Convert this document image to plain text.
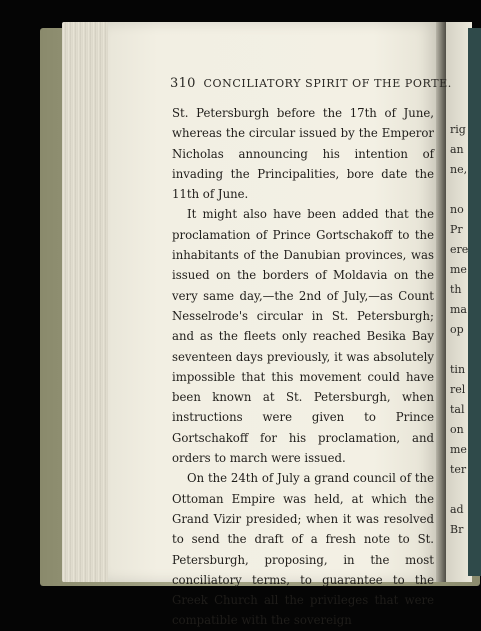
310 CONCILIATORY SPIRIT OF THE PORTE.

St. Petersburgh before the 17th of June, whereas the circular issued by the Emperor Nicholas announcing his intention of invading the Principalities, bore date the 11th of June.

It might also have been added that the proclamation of Prince Gortschakoff to the inhabitants of the Danubian provinces, was issued on the borders of Moldavia on the very same day,—the 2nd of July,—as Count Nesselrode's circular in St. Petersburgh; and as the fleets only reached Besika Bay seventeen days previously, it was absolutely impossible that this movement could have been known at St. Petersburgh, when instructions were given to Prince Gortschakoff for his proclamation, and orders to march were issued.

On the 24th of July a grand council of the Ottoman Empire was held, at which the Grand Vizir presided; when it was resolved to send the draft of a fresh note to St. Petersburgh, proposing, in the most conciliatory terms, to guarantee to the Greek Church all the privileges that were compatible with the sovereign

rig
an
ne,
no
Pr
ere
me
th
ma
op
tin
rel
tal
on
me
ter
ad
Br
